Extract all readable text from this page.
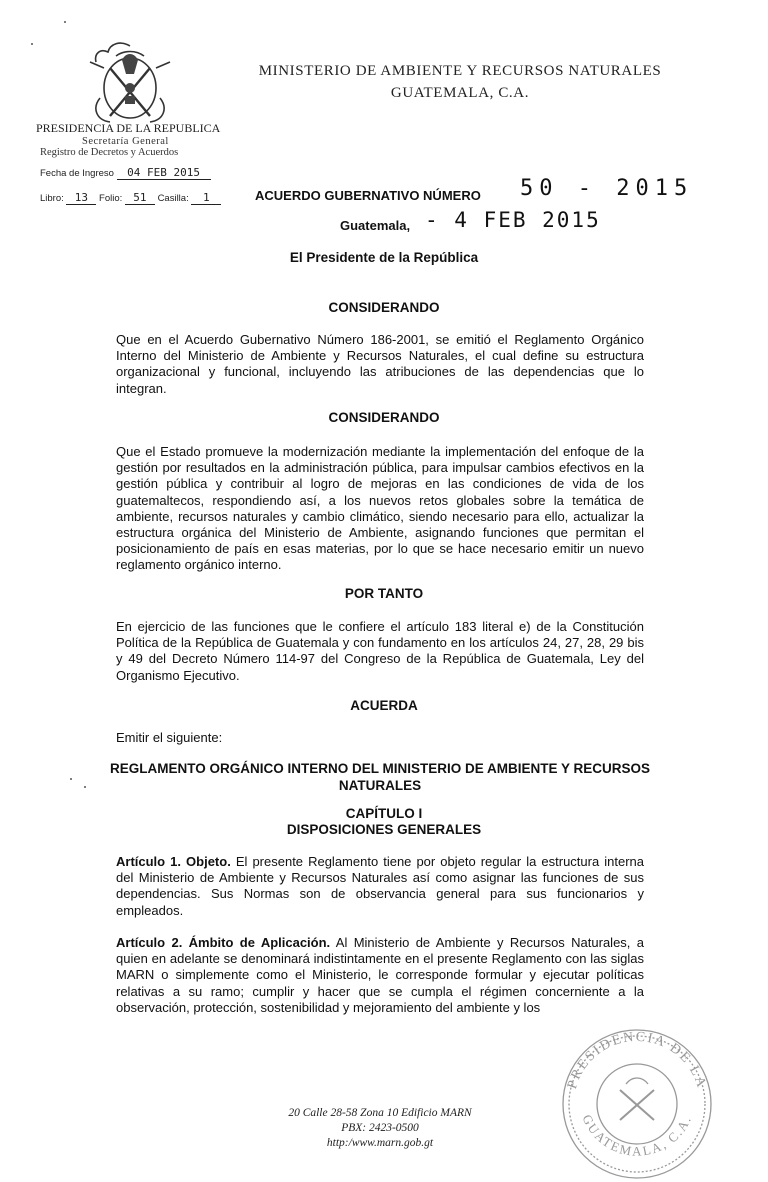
MINISTERIO DE AMBIENTE Y RECURSOS NATURALES
GUATEMALA, C.A.
PRESIDENCIA DE LA REPUBLICA
Secretaría General
Registro de Decretos y Acuerdos
Fecha de Ingreso 04 FEB 2015
Libro: 13 Folio: 51 Casilla: 1	ACUERDO GUBERNATIVO NÚMERO 50 - 2015
Guatemala, - 4 FEB 2015
El Presidente de la República
CONSIDERANDO
Que en el Acuerdo Gubernativo Número 186-2001, se emitió el Reglamento Orgánico Interno del Ministerio de Ambiente y Recursos Naturales, el cual define su estructura organizacional y funcional, incluyendo las atribuciones de las dependencias que lo integran.
CONSIDERANDO
Que el Estado promueve la modernización mediante la implementación del enfoque de la gestión por resultados en la administración pública, para impulsar cambios efectivos en la gestión pública y contribuir al logro de mejoras en las condiciones de vida de los guatemaltecos, respondiendo así, a los nuevos retos globales sobre la temática de ambiente, recursos naturales y cambio climático, siendo necesario para ello, actualizar la estructura orgánica del Ministerio de Ambiente, asignando funciones que permitan el posicionamiento de país en esas materias, por lo que se hace necesario emitir un nuevo reglamento orgánico interno.
POR TANTO
En ejercicio de las funciones que le confiere el artículo 183 literal e) de la Constitución Política de la República de Guatemala y con fundamento en los artículos 24, 27, 28, 29 bis y 49 del Decreto Número 114-97 del Congreso de la República de Guatemala, Ley del Organismo Ejecutivo.
ACUERDA
Emitir el siguiente:
REGLAMENTO ORGÁNICO INTERNO DEL MINISTERIO DE AMBIENTE Y RECURSOS NATURALES
CAPÍTULO I
DISPOSICIONES GENERALES
Artículo 1. Objeto. El presente Reglamento tiene por objeto regular la estructura interna del Ministerio de Ambiente y Recursos Naturales así como asignar las funciones de sus dependencias. Sus Normas son de observancia general para sus funcionarios y empleados.
Artículo 2. Ámbito de Aplicación. Al Ministerio de Ambiente y Recursos Naturales, a quien en adelante se denominará indistintamente en el presente Reglamento con las siglas MARN o simplemente como el Ministerio, le corresponde formular y ejecutar políticas relativas a su ramo; cumplir y hacer que se cumpla el régimen concerniente a la observación, protección, sostenibilidad y mejoramiento del ambiente y los
20 Calle 28-58 Zona 10 Edificio MARN
PBX: 2423-0500
http:/www.marn.gob.gt
PRESIDENCIA DE LA
GUATEMALA, C.A.
